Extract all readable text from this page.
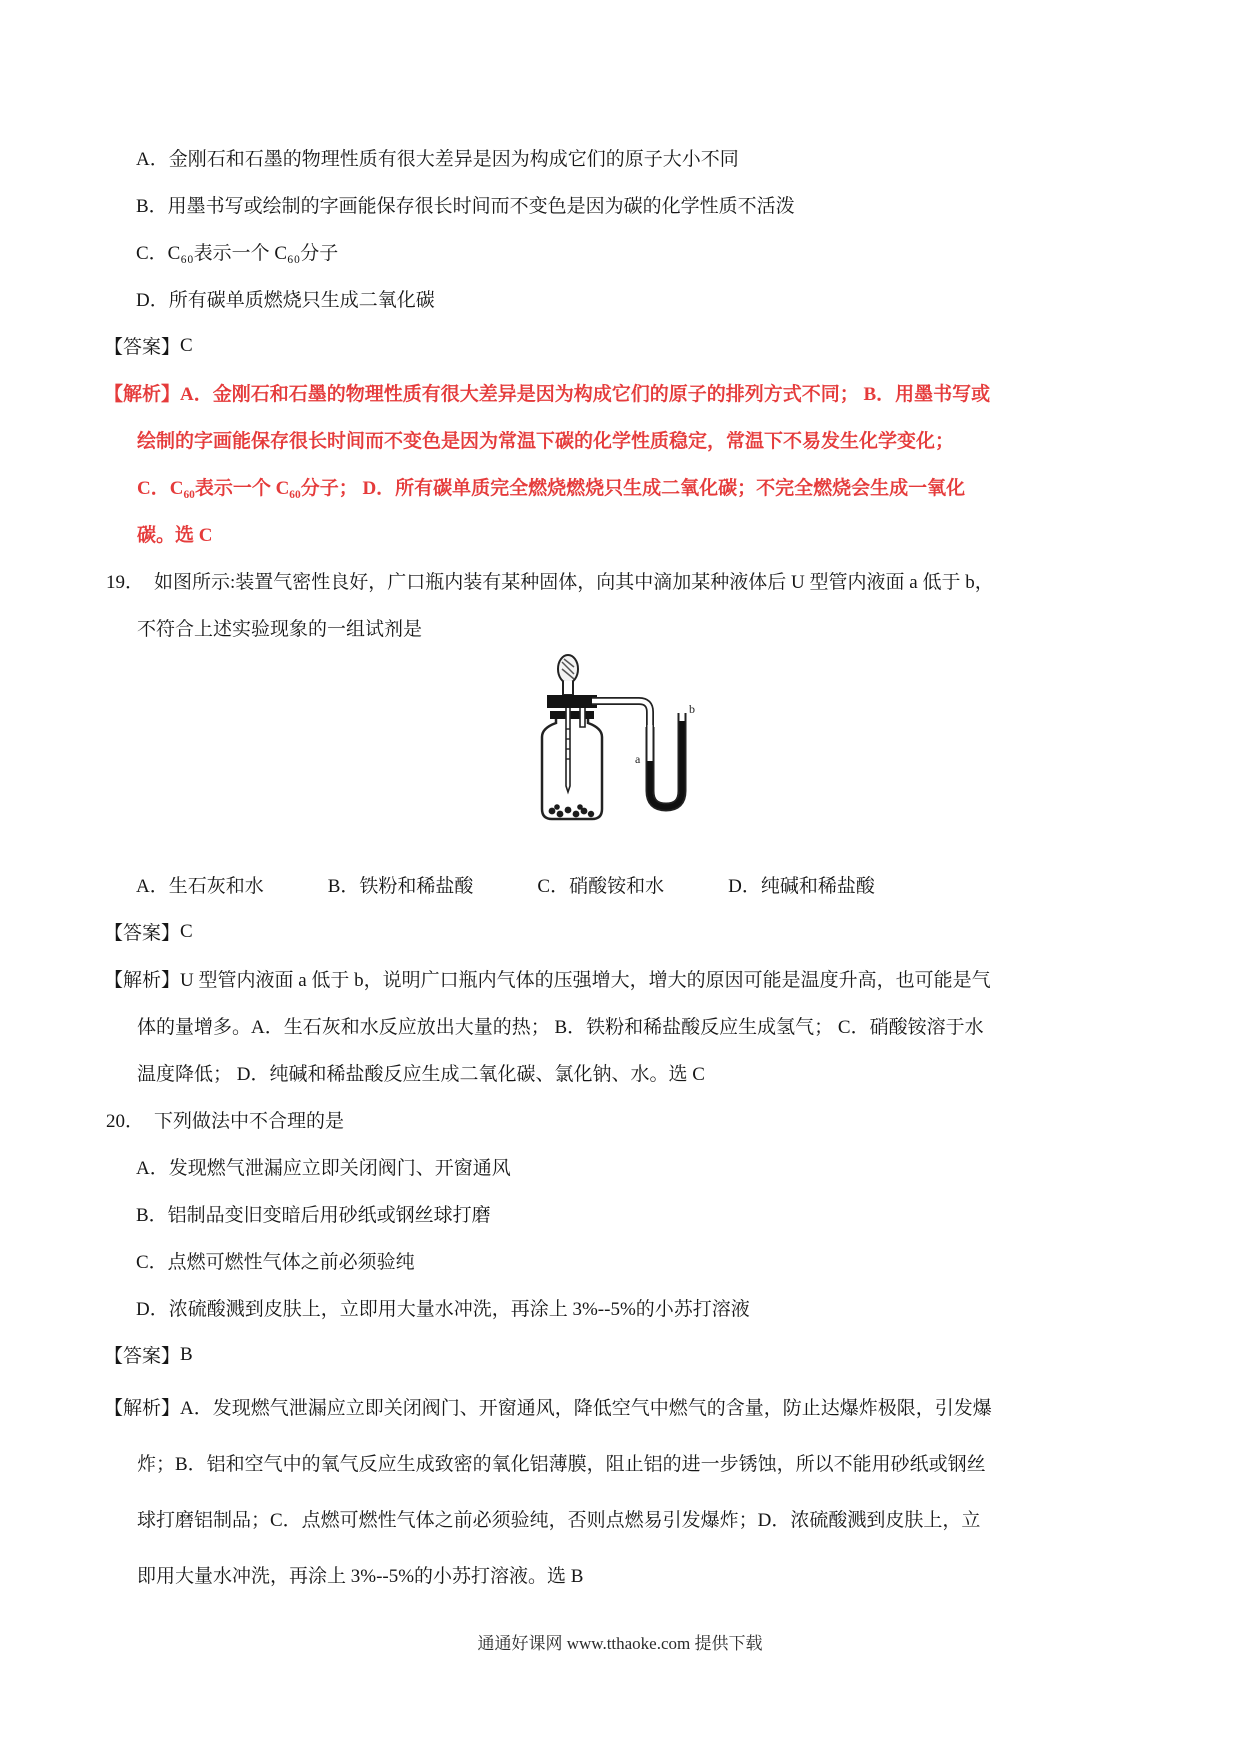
A．金刚石和石墨的物理性质有很大差异是因为构成它们的原子大小不同
B．用墨书写或绘制的字画能保存很长时间而不变色是因为碳的化学性质不活泼
C．C₆₀表示一个 C₆₀分子
D．所有碳单质燃烧只生成二氧化碳
【答案】 C
【解析】 A．金刚石和石墨的物理性质有很大差异是因为构成它们的原子的排列方式不同； B．用墨书写或
绘制的字画能保存很长时间而不变色是因为常温下碳的化学性质稳定，常温下不易发生化学变化；
C．C₆₀表示一个 C₆₀分子； D．所有碳单质完全燃烧燃烧只生成二氧化碳；不完全燃烧会生成一氧化
碳。选 C
19． 如图所示:装置气密性良好，广口瓶内装有某种固体，向其中滴加某种液体后 U 型管内液面 a 低于 b，
不符合上述实验现象的一组试剂是
a
b
A．生石灰和水	B．铁粉和稀盐酸	C．硝酸铵和水	D．纯碱和稀盐酸
【答案】 C
【解析】 U 型管内液面 a 低于 b，说明广口瓶内气体的压强增大，增大的原因可能是温度升高，也可能是气
体的量增多。A．生石灰和水反应放出大量的热； B．铁粉和稀盐酸反应生成氢气； C．硝酸铵溶于水
温度降低； D．纯碱和稀盐酸反应生成二氧化碳、氯化钠、水。选 C
20． 下列做法中不合理的是
A．发现燃气泄漏应立即关闭阀门、开窗通风
B．铝制品变旧变暗后用砂纸或钢丝球打磨
C．点燃可燃性气体之前必须验纯
D．浓硫酸溅到皮肤上，立即用大量水冲洗，再涂上 3%--5%的小苏打溶液
【答案】 B
【解析】 A．发现燃气泄漏应立即关闭阀门、开窗通风，降低空气中燃气的含量，防止达爆炸极限，引发爆
炸；B．铝和空气中的氧气反应生成致密的氧化铝薄膜，阻止铝的进一步锈蚀，所以不能用砂纸或钢丝
球打磨铝制品；C．点燃可燃性气体之前必须验纯，否则点燃易引发爆炸；D．浓硫酸溅到皮肤上，立
即用大量水冲洗，再涂上 3%--5%的小苏打溶液。选 B
通通好课网 www.tthaoke.com 提供下载
